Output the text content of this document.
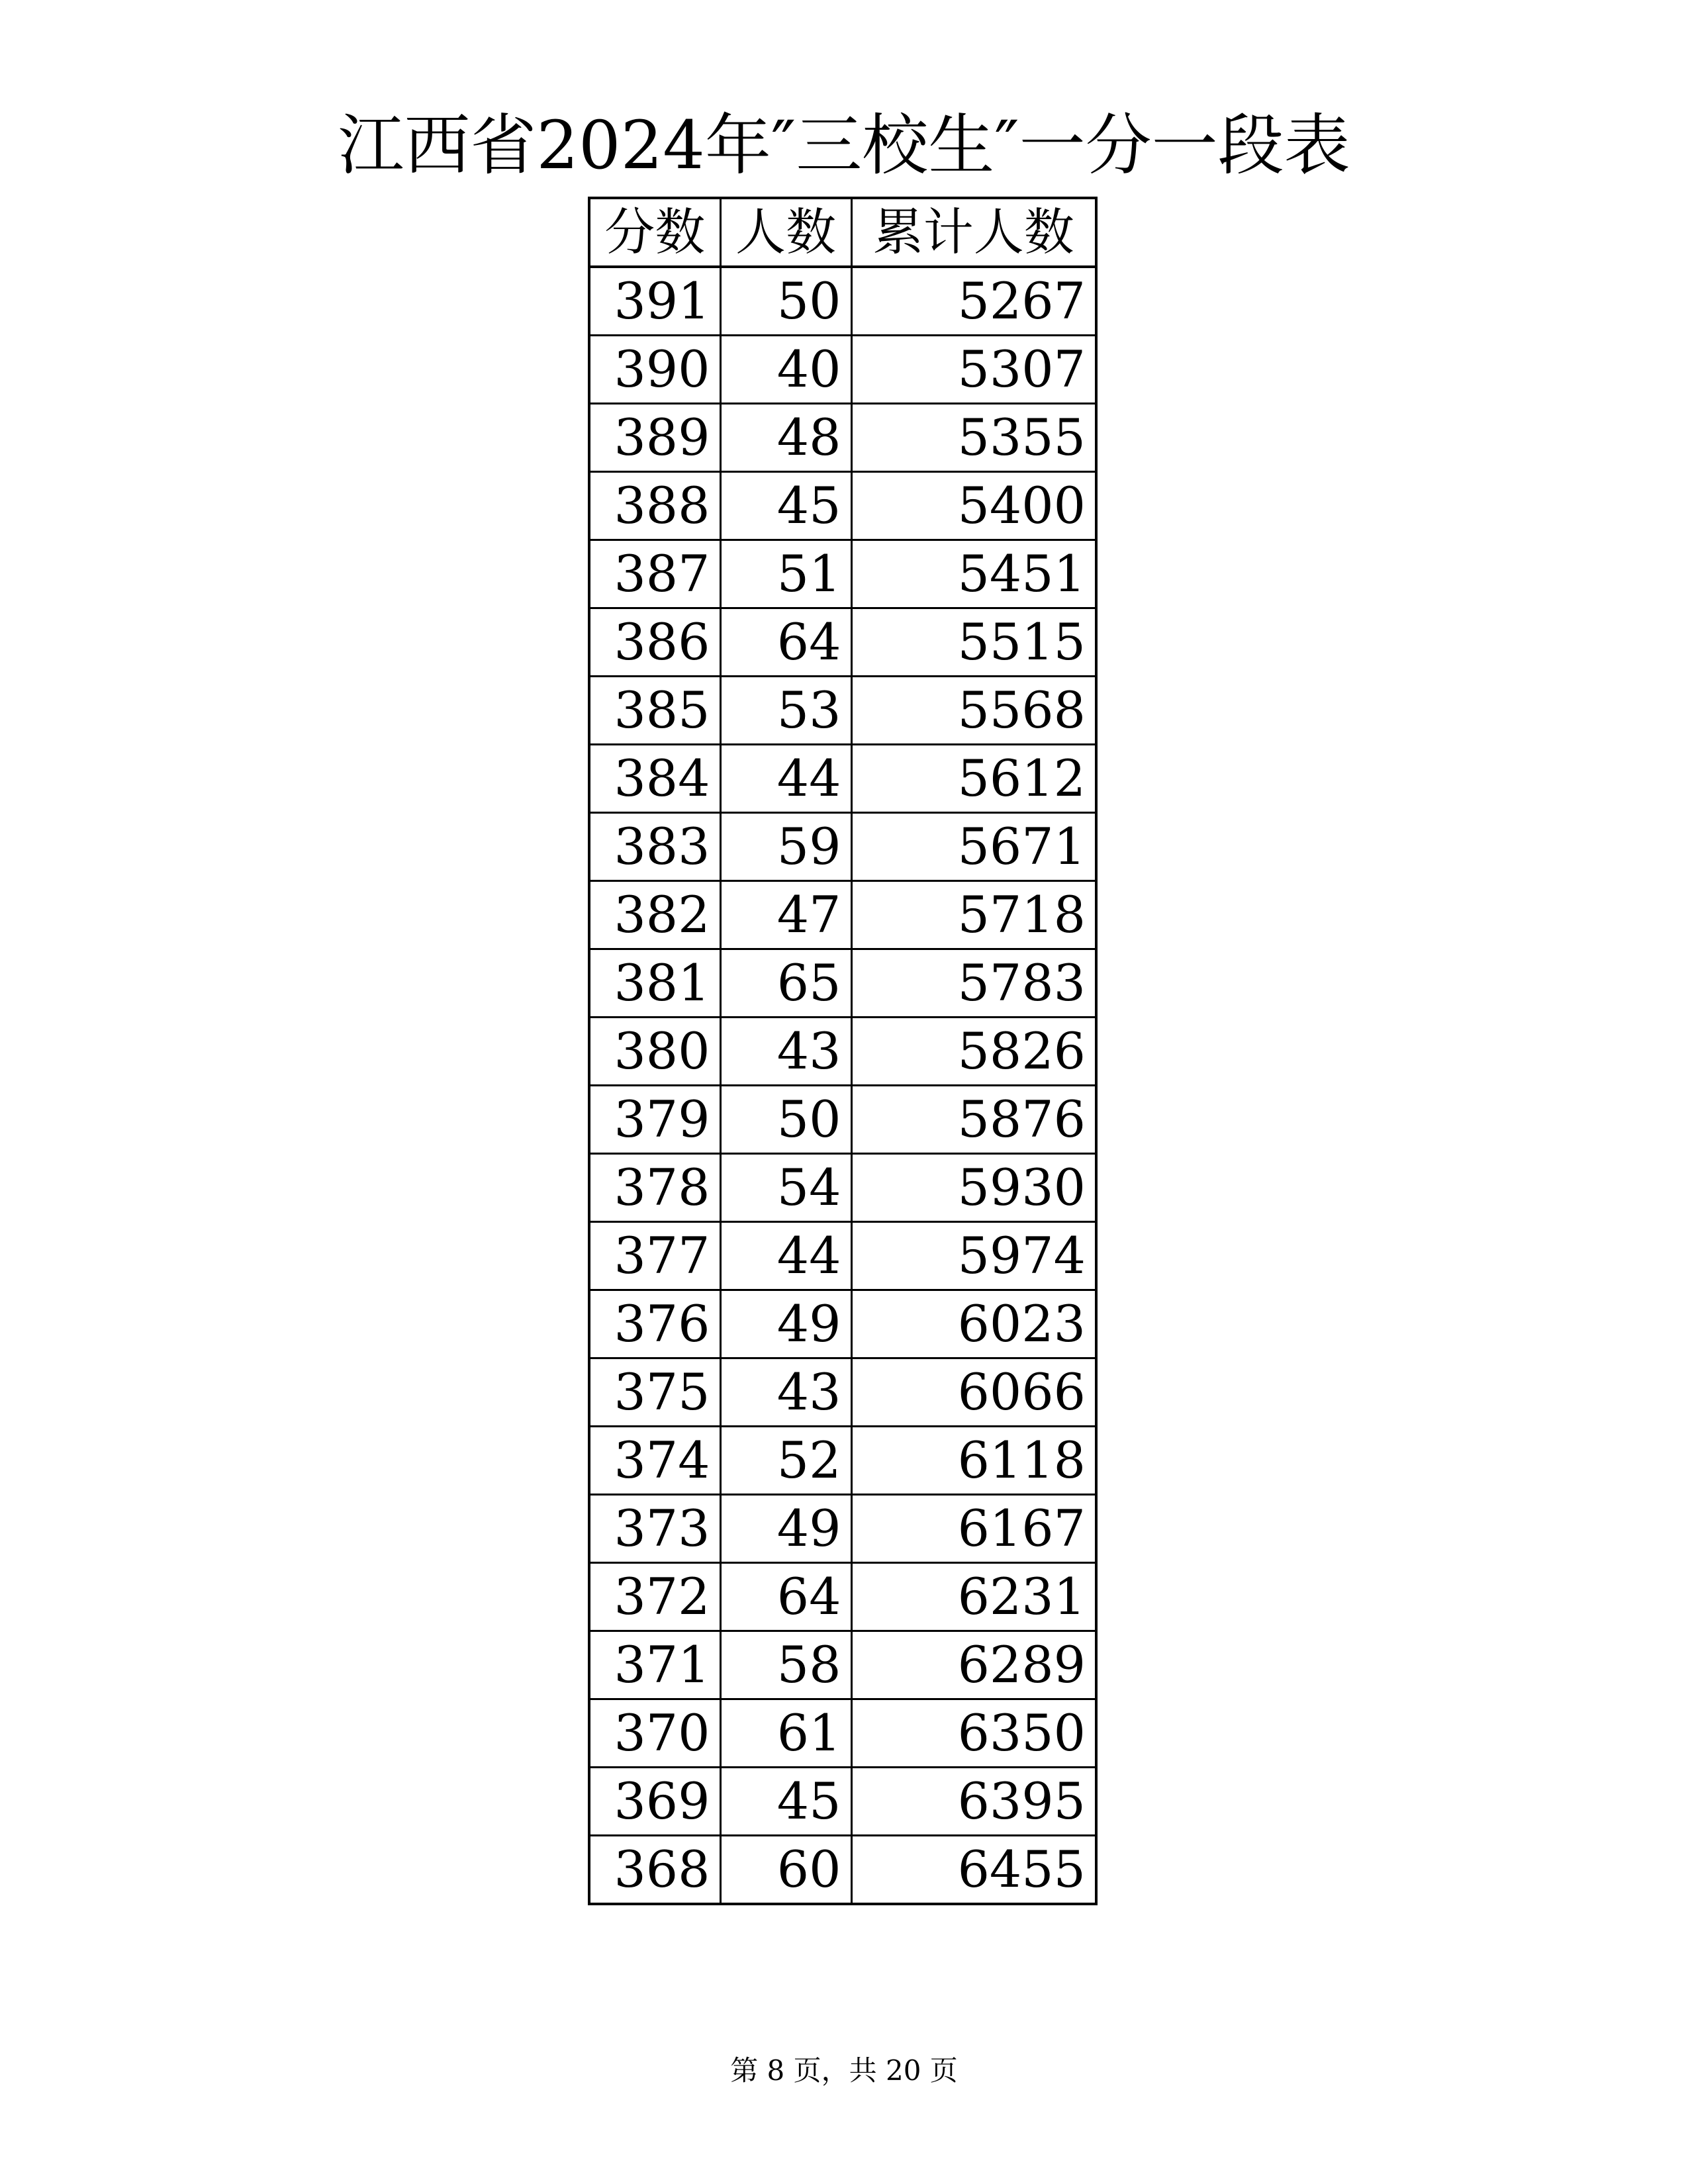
江西省2024年″三校生″一分一段表
分数	人数	累计人数
391	50	5267
390	40	5307
389	48	5355
388	45	5400
387	51	5451
386	64	5515
385	53	5568
384	44	5612
383	59	5671
382	47	5718
381	65	5783
380	43	5826
379	50	5876
378	54	5930
377	44	5974
376	49	6023
375	43	6066
374	52	6118
373	49	6167
372	64	6231
371	58	6289
370	61	6350
369	45	6395
368	60	6455
第 8 页，共 20 页
